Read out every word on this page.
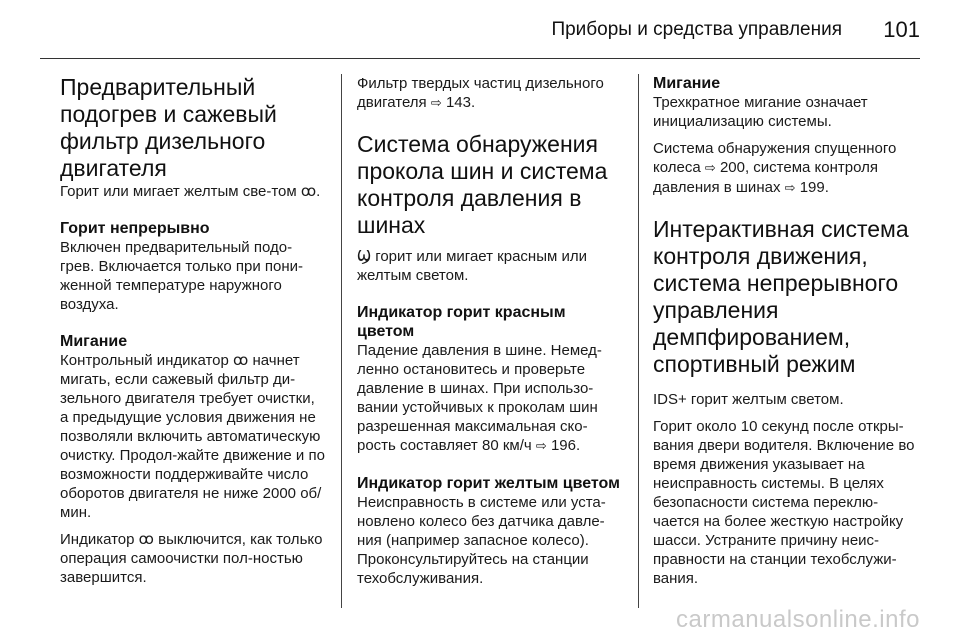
Приборы и средства управления 101
Предварительный подогрев и сажевый фильтр дизельного двигателя

Горит или мигает желтым све-том ꝏ.

Горит непрерывно

Включен предварительный подо-грев. Включается только при пони-женной температуре наружного воздуха.

Мигание

Контрольный индикатор ꝏ начнет мигать, если сажевый фильтр ди-зельного двигателя требует очистки, а предыдущие условия движения не позволяли включить автоматическую очистку. Продол-жайте движение и по возможности поддерживайте число оборотов двигателя не ниже 2000 об/мин.

Индикатор ꝏ выключится, как только операция самоочистки пол-ностью завершится.

Фильтр твердых частиц дизельного двигателя ⇨ 143.

Система обнаружения прокола шин и система контроля давления в шинах

Ϣ горит или мигает красным или желтым светом.

Индикатор горит красным цветом

Падение давления в шине. Немед-ленно остановитесь и проверьте давление в шинах. При использо-вании устойчивых к проколам шин разрешенная максимальная ско-рость составляет 80 км/ч ⇨ 196.

Индикатор горит желтым цветом

Неисправность в системе или уста-новлено колесо без датчика давле-ния (например запасное колесо). Проконсультируйтесь на станции техобслуживания.

Мигание

Трехкратное мигание означает инициализацию системы.

Система обнаружения спущенного колеса ⇨ 200, система контроля давления в шинах ⇨ 199.

Интерактивная система контроля движения, система непрерывного управления демпфированием, спортивный режим

IDS+ горит желтым светом.

Горит около 10 секунд после откры-вания двери водителя. Включение во время движения указывает на неисправность системы. В целях безопасности система переклю-чается на более жесткую настройку шасси. Устраните причину неис-правности на станции техобслужи-вания.

carmanualsonline.info
